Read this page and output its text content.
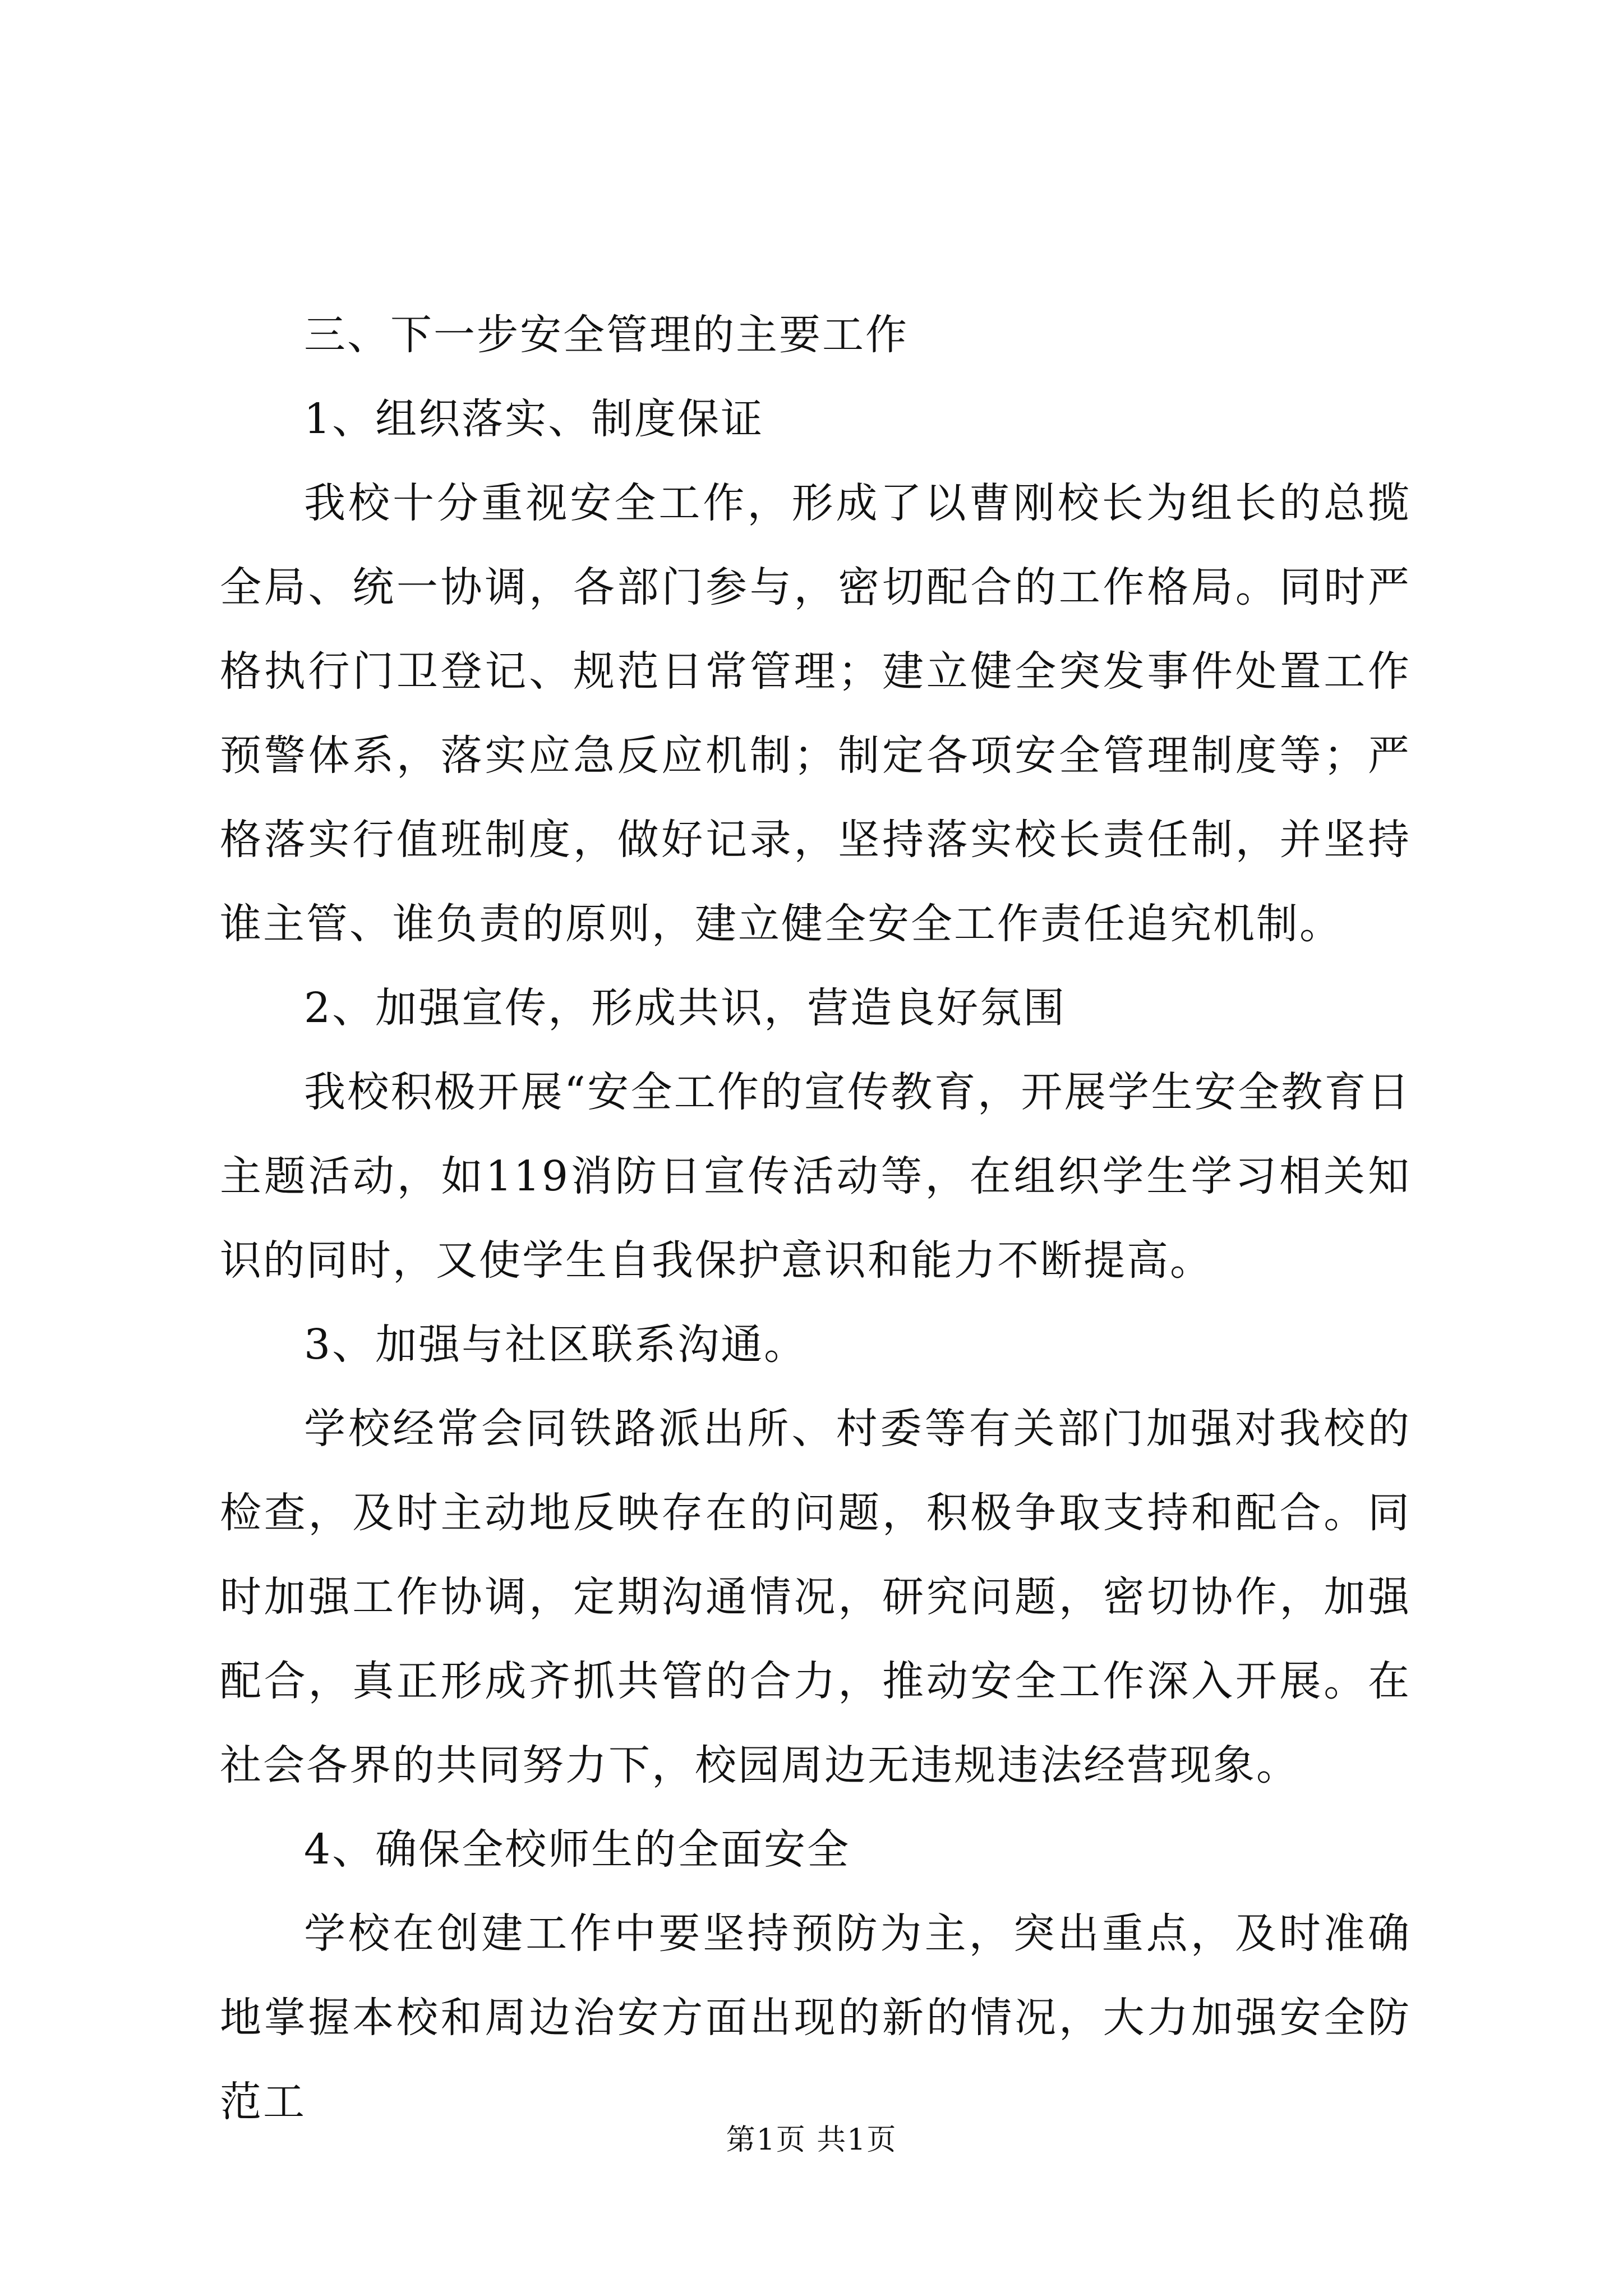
三、下一步安全管理的主要工作

1、组织落实、制度保证

我校十分重视安全工作，形成了以曹刚校长为组长的总揽全局、统一协调，各部门参与，密切配合的工作格局。同时严格执行门卫登记、规范日常管理；建立健全突发事件处置工作预警体系，落实应急反应机制；制定各项安全管理制度等；严格落实行值班制度，做好记录，坚持落实校长责任制，并坚持谁主管、谁负责的原则，建立健全安全工作责任追究机制。

2、加强宣传，形成共识，营造良好氛围

我校积极开展“安全工作的宣传教育，开展学生安全教育日主题活动，如119消防日宣传活动等，在组织学生学习相关知识的同时，又使学生自我保护意识和能力不断提高。

3、加强与社区联系沟通。

学校经常会同铁路派出所、村委等有关部门加强对我校的检查，及时主动地反映存在的问题，积极争取支持和配合。同时加强工作协调，定期沟通情况，研究问题，密切协作，加强配合，真正形成齐抓共管的合力，推动安全工作深入开展。在社会各界的共同努力下，校园周边无违规违法经营现象。

4、确保全校师生的全面安全

学校在创建工作中要坚持预防为主，突出重点，及时准确地掌握本校和周边治安方面出现的新的情况，大力加强安全防范工

第1页 共1页
